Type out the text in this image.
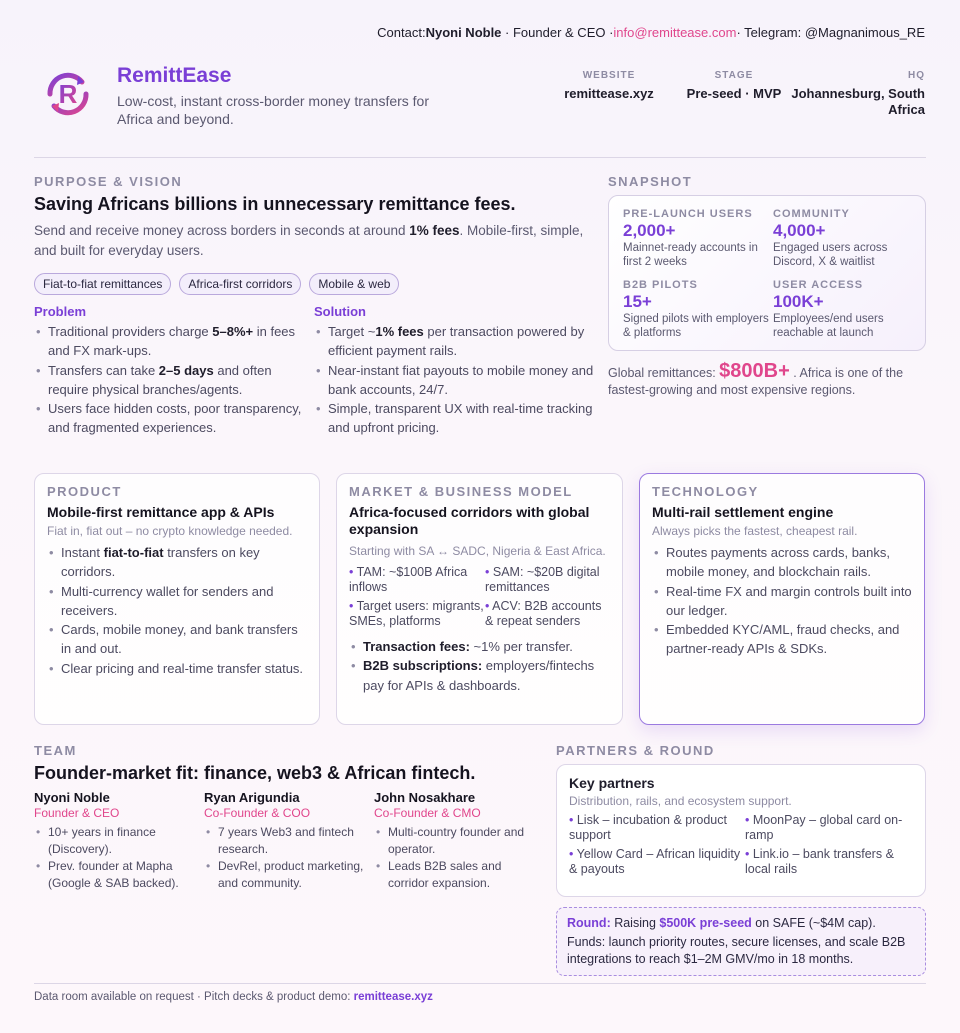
Contact:Nyoni Noble · Founder & CEO ·info@remittease.com· Telegram: @Magnanimous_RE
R
RemittEase
Low-cost, instant cross-border money transfers for Africa and beyond.
WEBSITE
remittease.xyz
STAGE
Pre-seed · MVP
HQ
Johannesburg, South Africa
PURPOSE & VISION
Saving Africans billions in unnecessary remittance fees.
Send and receive money across borders in seconds at around 1% fees. Mobile-first, simple, and built for everyday users.
Fiat-to-fiat remittances	Africa-first corridors	Mobile & web
Problem
• Traditional providers charge 5–8%+ in fees and FX mark-ups.
• Transfers can take 2–5 days and often require physical branches/agents.
• Users face hidden costs, poor transparency, and fragmented experiences.
Solution
• Target ~1% fees per transaction powered by efficient payment rails.
• Near-instant fiat payouts to mobile money and bank accounts, 24/7.
• Simple, transparent UX with real-time tracking and upfront pricing.
SNAPSHOT
PRE-LAUNCH USERS
2,000+
Mainnet-ready accounts in first 2 weeks
COMMUNITY
4,000+
Engaged users across Discord, X & waitlist
B2B PILOTS
15+
Signed pilots with employers & platforms
USER ACCESS
100K+
Employees/end users reachable at launch
Global remittances: $800B+ . Africa is one of the fastest-growing and most expensive regions.
PRODUCT
Mobile-first remittance app & APIs
Fiat in, fiat out – no crypto knowledge needed.
• Instant fiat-to-fiat transfers on key corridors.
• Multi-currency wallet for senders and receivers.
• Cards, mobile money, and bank transfers in and out.
• Clear pricing and real-time transfer status.
MARKET & BUSINESS MODEL
Africa-focused corridors with global expansion
Starting with SA ↔ SADC, Nigeria & East Africa.
• TAM: ~$100B Africa inflows
• SAM: ~$20B digital remittances
• Target users: migrants, SMEs, platforms
• ACV: B2B accounts & repeat senders
• Transaction fees: ~1% per transfer.
• B2B subscriptions: employers/fintechs pay for APIs & dashboards.
TECHNOLOGY
Multi-rail settlement engine
Always picks the fastest, cheapest rail.
• Routes payments across cards, banks, mobile money, and blockchain rails.
• Real-time FX and margin controls built into our ledger.
• Embedded KYC/AML, fraud checks, and partner-ready APIs & SDKs.
TEAM
Founder-market fit: finance, web3 & African fintech.
Nyoni Noble
Founder & CEO
• 10+ years in finance (Discovery).
• Prev. founder at Mapha (Google & SAB backed).
Ryan Arigundia
Co-Founder & COO
• 7 years Web3 and fintech research.
• DevRel, product marketing, and community.
John Nosakhare
Co-Founder & CMO
• Multi-country founder and operator.
• Leads B2B sales and corridor expansion.
PARTNERS & ROUND
Key partners
Distribution, rails, and ecosystem support.
• Lisk – incubation & product support
• MoonPay – global card on-ramp
• Yellow Card – African liquidity & payouts
• Link.io – bank transfers & local rails
Round: Raising $500K pre-seed on SAFE (~$4M cap).
Funds: launch priority routes, secure licenses, and scale B2B integrations to reach $1–2M GMV/mo in 18 months.
Data room available on request · Pitch decks & product demo: remittease.xyz
